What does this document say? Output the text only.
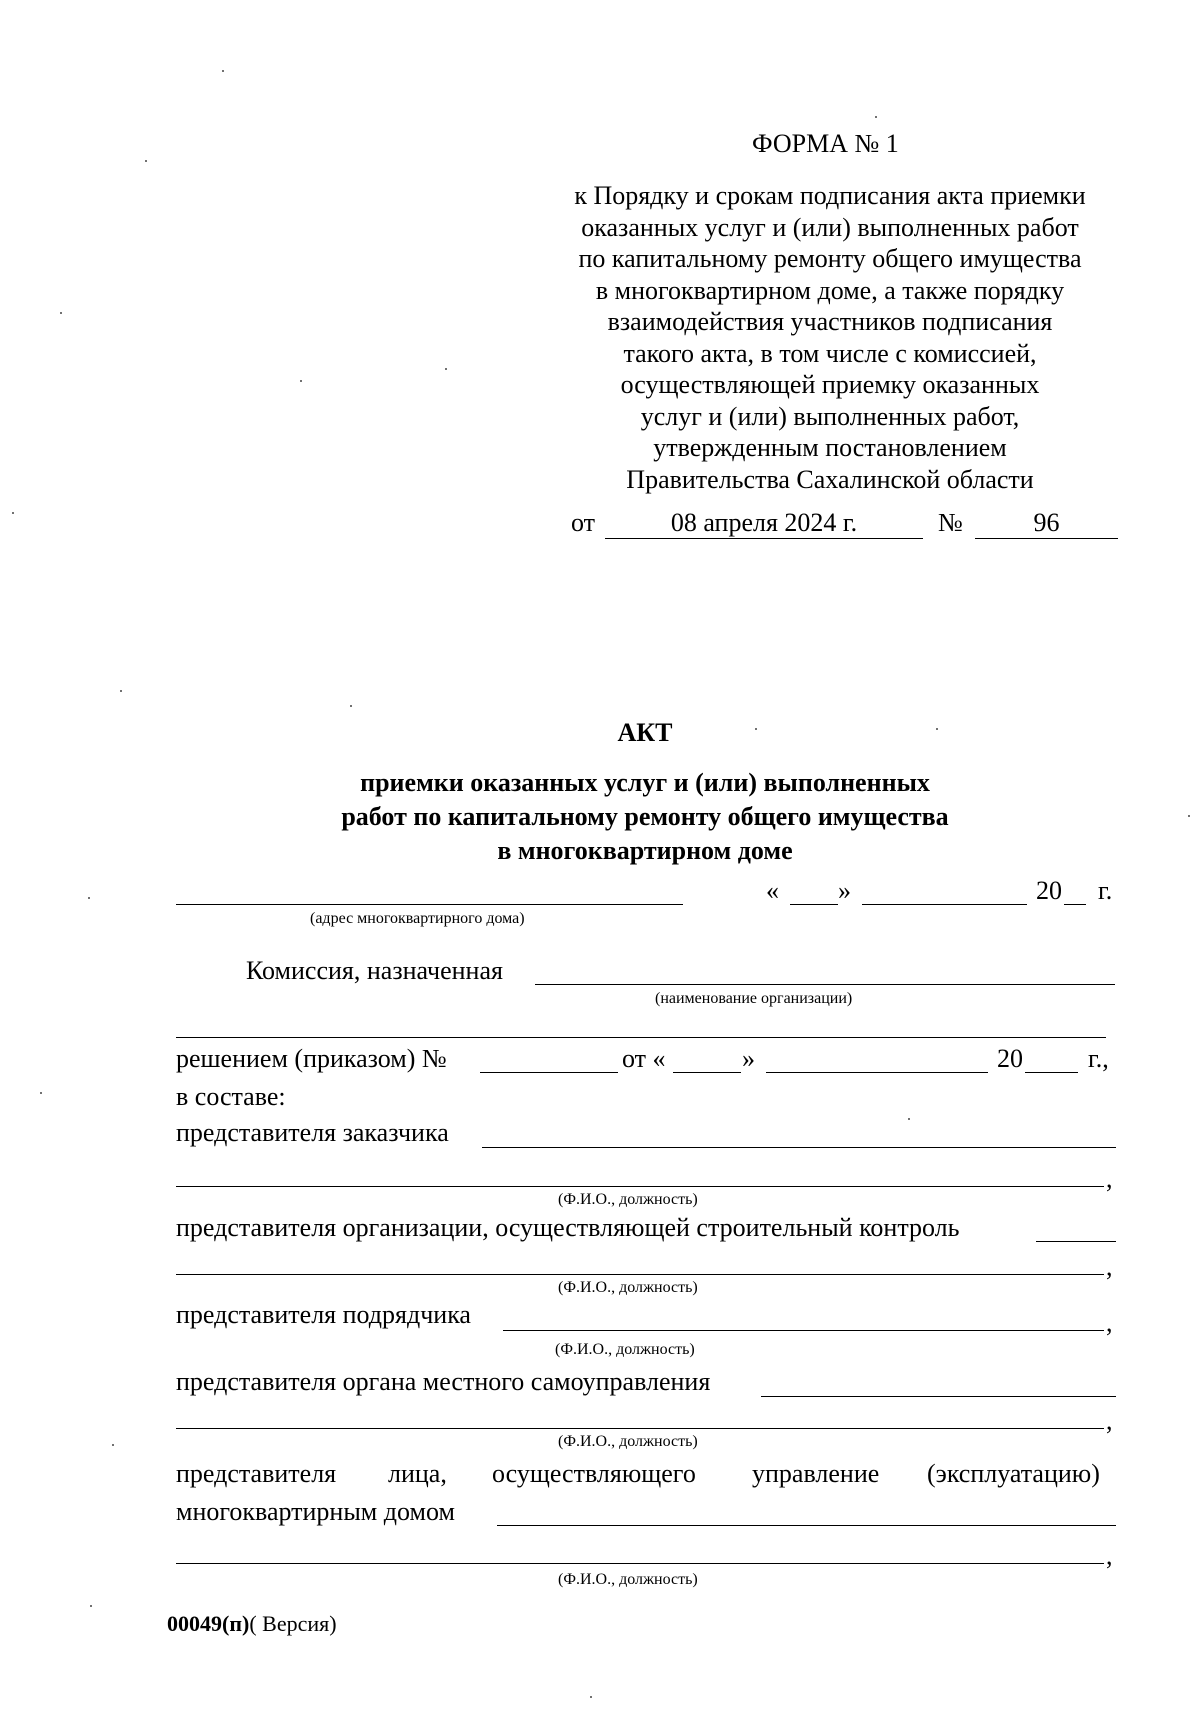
ФОРМА № 1
к Порядку и срокам подписания акта приемки
оказанных услуг и (или) выполненных работ
по капитальному ремонту общего имущества
в многоквартирном доме, а также порядку
взаимодействия участников подписания
такого акта, в том числе с комиссией,
осуществляющей приемку оказанных
услуг и (или) выполненных работ,
утвержденным постановлением
Правительства Сахалинской области
от	08 апреля 2024 г.	№	96
АКТ
приемки оказанных услуг и (или) выполненных
работ по капитальному ремонту общего имущества
в многоквартирном доме
(адрес многоквартирного дома)
« »	20 г.
Комиссия, назначенная
(наименование организации)
решением (приказом) №	от «	»	20	г.,
в составе:
представителя заказчика
,
(Ф.И.О., должность)
представителя организации, осуществляющей строительный контроль
,
(Ф.И.О., должность)
представителя подрядчика	,
(Ф.И.О., должность)
представителя органа местного самоуправления
,
(Ф.И.О., должность)
представителя лица, осуществляющего управление (эксплуатацию)
многоквартирным домом
,
(Ф.И.О., должность)
00049(п)( Версия)
